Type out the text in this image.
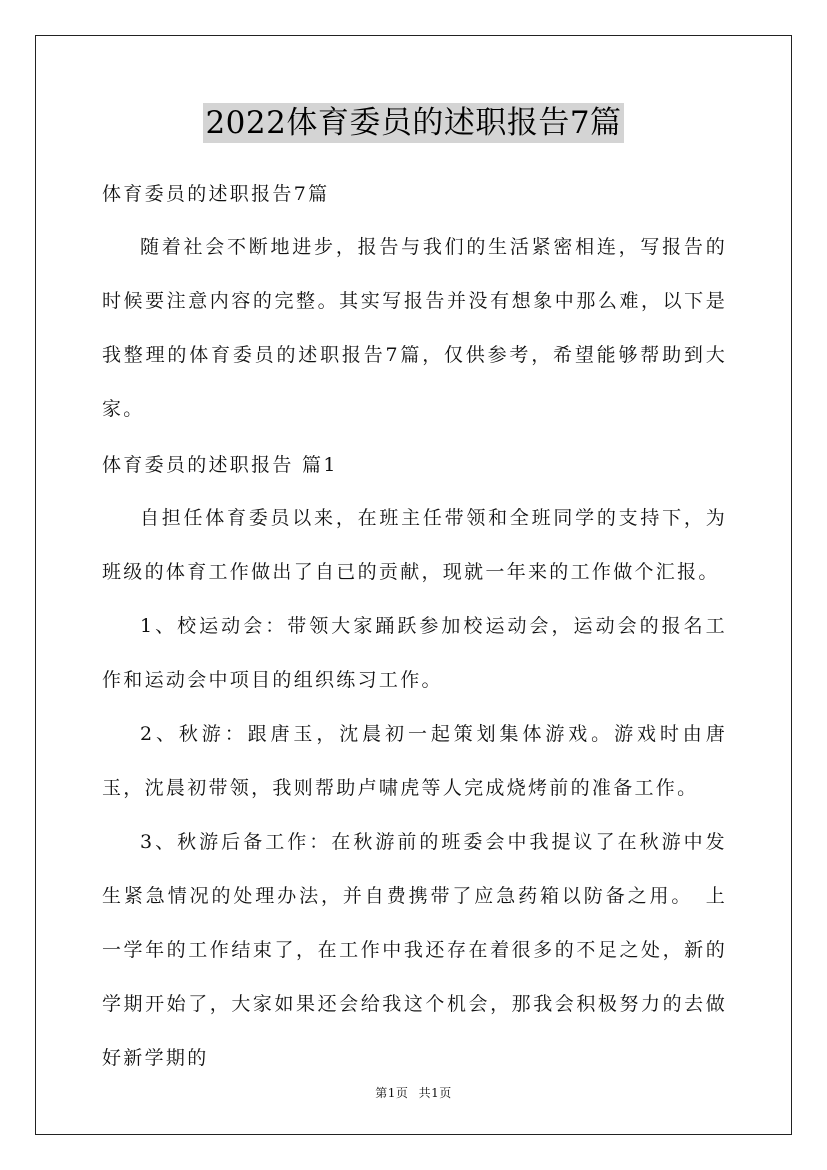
2022体育委员的述职报告7篇
体育委员的述职报告7篇
随着社会不断地进步，报告与我们的生活紧密相连，写报告的时候要注意内容的完整。其实写报告并没有想象中那么难，以下是我整理的体育委员的述职报告7篇，仅供参考，希望能够帮助到大家。
体育委员的述职报告 篇1
自担任体育委员以来，在班主任带领和全班同学的支持下，为班级的体育工作做出了自已的贡献，现就一年来的工作做个汇报。
1、校运动会：带领大家踊跃参加校运动会，运动会的报名工作和运动会中项目的组织练习工作。
2、秋游：跟唐玉，沈晨初一起策划集体游戏。游戏时由唐玉，沈晨初带领，我则帮助卢啸虎等人完成烧烤前的准备工作。
3、秋游后备工作：在秋游前的班委会中我提议了在秋游中发生紧急情况的处理办法，并自费携带了应急药箱以防备之用。　上一学年的工作结束了，在工作中我还存在着很多的不足之处，新的学期开始了，大家如果还会给我这个机会，那我会积极努力的去做好新学期的
第1页 共1页
